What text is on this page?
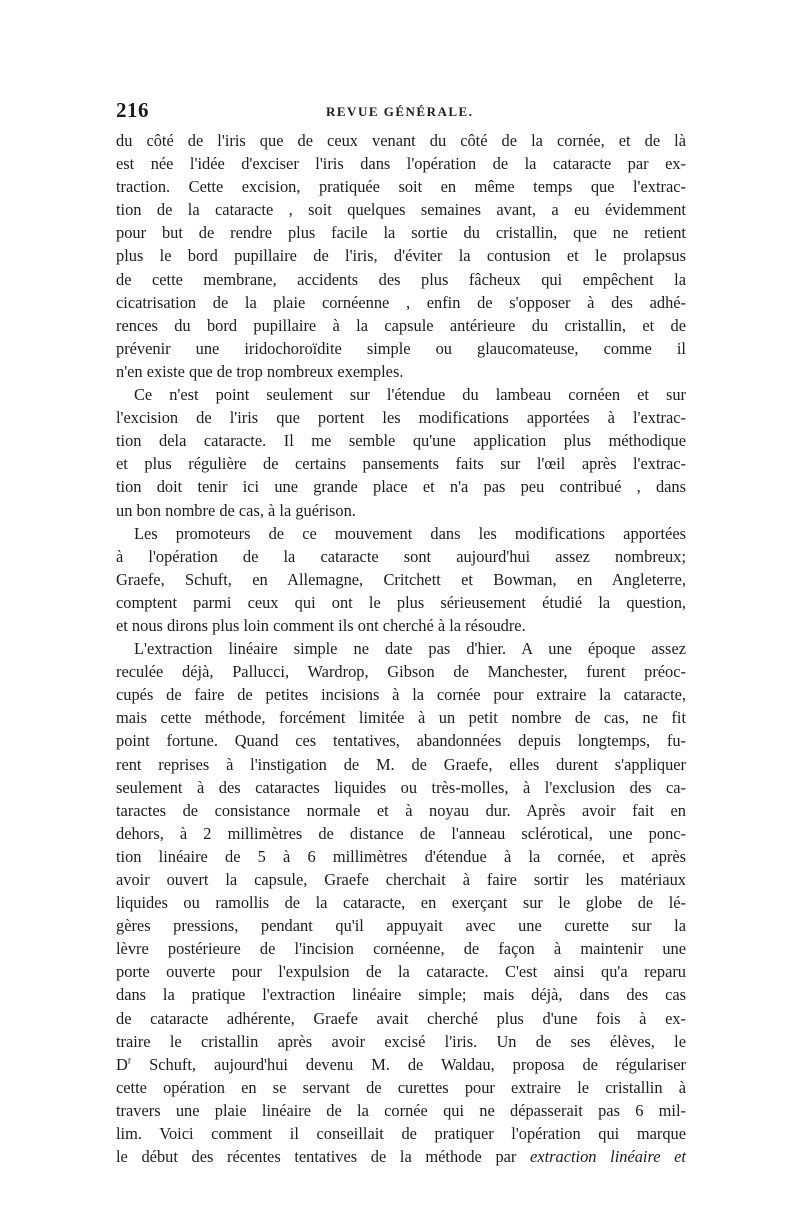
216	REVUE GÉNÉRALE.
du côté de l'iris que de ceux venant du côté de la cornée, et de là
est née l'idée d'exciser l'iris dans l'opération de la cataracte par ex-
traction. Cette excision, pratiquée soit en même temps que l'extrac-
tion de la cataracte , soit quelques semaines avant, a eu évidemment
pour but de rendre plus facile la sortie du cristallin, que ne retient
plus le bord pupillaire de l'iris, d'éviter la contusion et le prolapsus
de cette membrane, accidents des plus fâcheux qui empêchent la
cicatrisation de la plaie cornéenne , enfin de s'opposer à des adhé-
rences du bord pupillaire à la capsule antérieure du cristallin, et de
prévenir une iridochoroïdite simple ou glaucomateuse, comme il
n'en existe que de trop nombreux exemples.
Ce n'est point seulement sur l'étendue du lambeau cornéen et sur
l'excision de l'iris que portent les modifications apportées à l'extrac-
tion dela cataracte. Il me semble qu'une application plus méthodique
et plus régulière de certains pansements faits sur l'œil après l'extrac-
tion doit tenir ici une grande place et n'a pas peu contribué , dans
un bon nombre de cas, à la guérison.
Les promoteurs de ce mouvement dans les modifications apportées
à l'opération de la cataracte sont aujourd'hui assez nombreux;
Graefe, Schuft, en Allemagne, Critchett et Bowman, en Angleterre,
comptent parmi ceux qui ont le plus sérieusement étudié la question,
et nous dirons plus loin comment ils ont cherché à la résoudre.
L'extraction linéaire simple ne date pas d'hier. A une époque assez
reculée déjà, Pallucci, Wardrop, Gibson de Manchester, furent préoc-
cupés de faire de petites incisions à la cornée pour extraire la cataracte,
mais cette méthode, forcément limitée à un petit nombre de cas, ne fit
point fortune. Quand ces tentatives, abandonnées depuis longtemps, fu-
rent reprises à l'instigation de M. de Graefe, elles durent s'appliquer
seulement à des cataractes liquides ou très-molles, à l'exclusion des ca-
taractes de consistance normale et à noyau dur. Après avoir fait en
dehors, à 2 millimètres de distance de l'anneau sclérotical, une ponc-
tion linéaire de 5 à 6 millimètres d'étendue à la cornée, et après
avoir ouvert la capsule, Graefe cherchait à faire sortir les matériaux
liquides ou ramollis de la cataracte, en exerçant sur le globe de lé-
gères pressions, pendant qu'il appuyait avec une curette sur la
lèvre postérieure de l'incision cornéenne, de façon à maintenir une
porte ouverte pour l'expulsion de la cataracte. C'est ainsi qu'a reparu
dans la pratique l'extraction linéaire simple; mais déjà, dans des cas
de cataracte adhérente, Graefe avait cherché plus d'une fois à ex-
traire le cristallin après avoir excisé l'iris. Un de ses élèves, le
$D^r$ Schuft, aujourd'hui devenu M. de Waldau, proposa de régulariser
cette opération en se servant de curettes pour extraire le cristallin à
travers une plaie linéaire de la cornée qui ne dépasserait pas 6 mil-
lim. Voici comment il conseillait de pratiquer l'opération qui marque
le début des récentes tentatives de la méthode par extraction linéaire et
